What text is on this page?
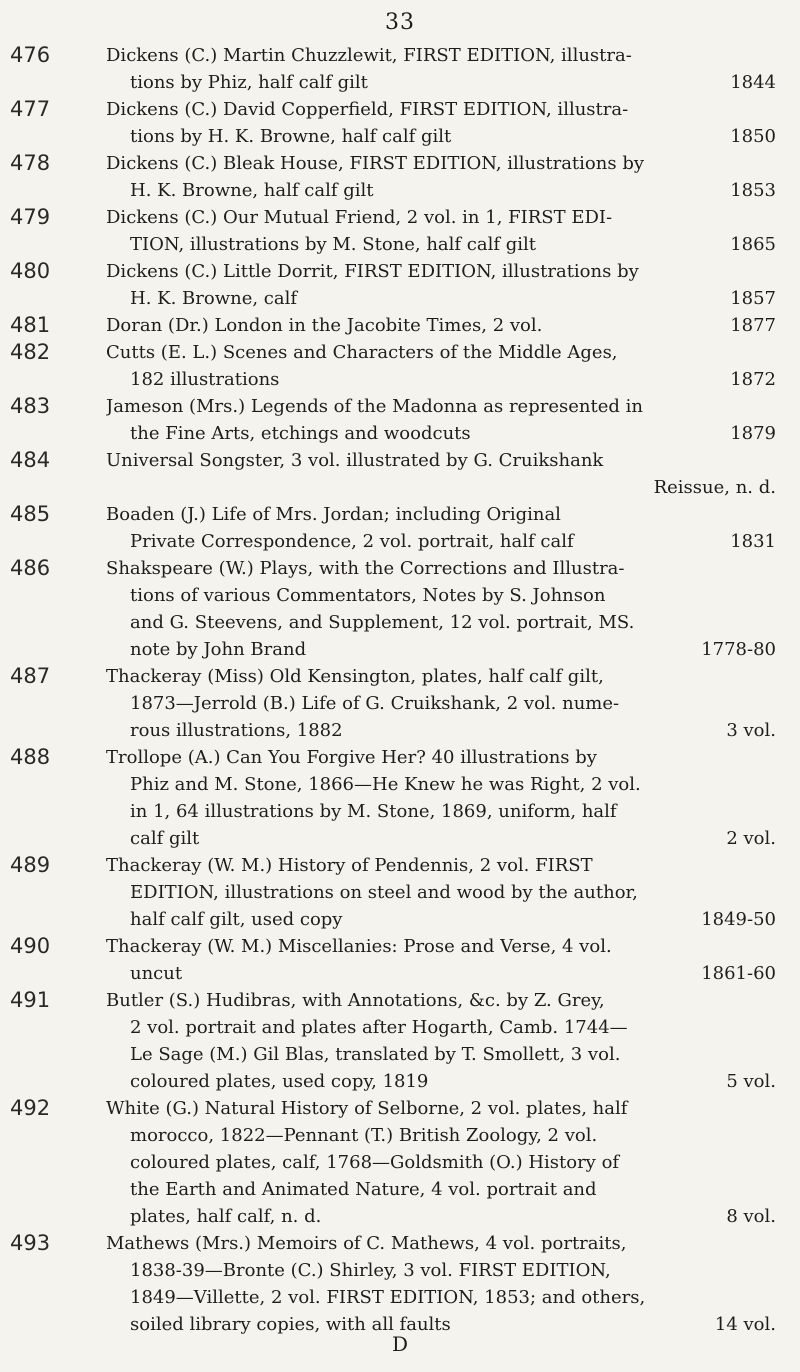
33
476	Dickens (C.) Martin Chuzzlewit, FIRST EDITION, illustra-
tions by Phiz, half calf gilt	1844
477	Dickens (C.) David Copperfield, FIRST EDITION, illustra-
tions by H. K. Browne, half calf gilt	1850
478	Dickens (C.) Bleak House, FIRST EDITION, illustrations by
H. K. Browne, half calf gilt	1853
479	Dickens (C.) Our Mutual Friend, 2 vol. in 1, FIRST EDI-
TION, illustrations by M. Stone, half calf gilt	1865
480	Dickens (C.) Little Dorrit, FIRST EDITION, illustrations by
H. K. Browne, calf	1857
481	Doran (Dr.) London in the Jacobite Times, 2 vol.	1877
482	Cutts (E. L.) Scenes and Characters of the Middle Ages,
182 illustrations	1872
483	Jameson (Mrs.) Legends of the Madonna as represented in
the Fine Arts, etchings and woodcuts	1879
484	Universal Songster, 3 vol. illustrated by G. Cruikshank
Reissue, n. d.
485	Boaden (J.) Life of Mrs. Jordan; including Original
Private Correspondence, 2 vol. portrait, half calf	1831
486	Shakspeare (W.) Plays, with the Corrections and Illustra-
tions of various Commentators, Notes by S. Johnson
and G. Steevens, and Supplement, 12 vol. portrait, MS.
note by John Brand	1778-80
487	Thackeray (Miss) Old Kensington, plates, half calf gilt,
1873—Jerrold (B.) Life of G. Cruikshank, 2 vol. nume-
rous illustrations, 1882	3 vol.
488	Trollope (A.) Can You Forgive Her? 40 illustrations by
Phiz and M. Stone, 1866—He Knew he was Right, 2 vol.
in 1, 64 illustrations by M. Stone, 1869, uniform, half
calf gilt	2 vol.
489	Thackeray (W. M.) History of Pendennis, 2 vol. FIRST
EDITION, illustrations on steel and wood by the author,
half calf gilt, used copy	1849-50
490	Thackeray (W. M.) Miscellanies: Prose and Verse, 4 vol.
uncut	1861-60
491	Butler (S.) Hudibras, with Annotations, &c. by Z. Grey,
2 vol. portrait and plates after Hogarth, Camb. 1744—
Le Sage (M.) Gil Blas, translated by T. Smollett, 3 vol.
coloured plates, used copy, 1819	5 vol.
492	White (G.) Natural History of Selborne, 2 vol. plates, half
morocco, 1822—Pennant (T.) British Zoology, 2 vol.
coloured plates, calf, 1768—Goldsmith (O.) History of
the Earth and Animated Nature, 4 vol. portrait and
plates, half calf, n. d.	8 vol.
493	Mathews (Mrs.) Memoirs of C. Mathews, 4 vol. portraits,
1838-39—Bronte (C.) Shirley, 3 vol. FIRST EDITION,
1849—Villette, 2 vol. FIRST EDITION, 1853; and others,
soiled library copies, with all faults	14 vol.
D
